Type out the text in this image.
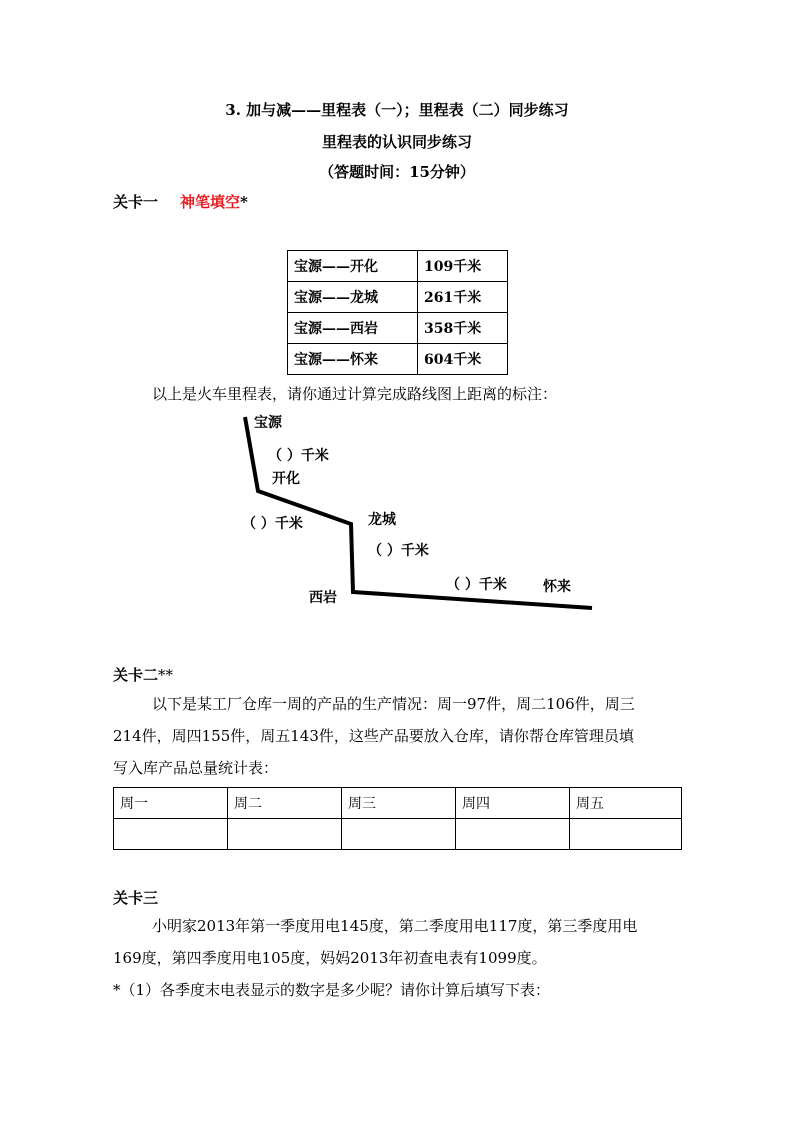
3. 加与减——里程表（一）；里程表（二）同步练习
里程表的认识同步练习
（答题时间：15分钟）
关卡一 神笔填空*
宝源——开化	109千米
宝源——龙城	261千米
宝源——西岩	358千米
宝源——怀来	604千米
以上是火车里程表，请你通过计算完成路线图上距离的标注：
宝源
（ ）千米
开化
（ ）千米	龙城
（ ）千米
（ ）千米	怀来
西岩
关卡二**
以下是某工厂仓库一周的产品的生产情况：周一97件，周二106件，周三
214件，周四155件，周五143件，这些产品要放入仓库，请你帮仓库管理员填
写入库产品总量统计表：
周一	周二	周三	周四	周五

关卡三
小明家2013年第一季度用电145度，第二季度用电117度，第三季度用电
169度，第四季度用电105度，妈妈2013年初查电表有1099度。
*（1）各季度末电表显示的数字是多少呢？请你计算后填写下表：
